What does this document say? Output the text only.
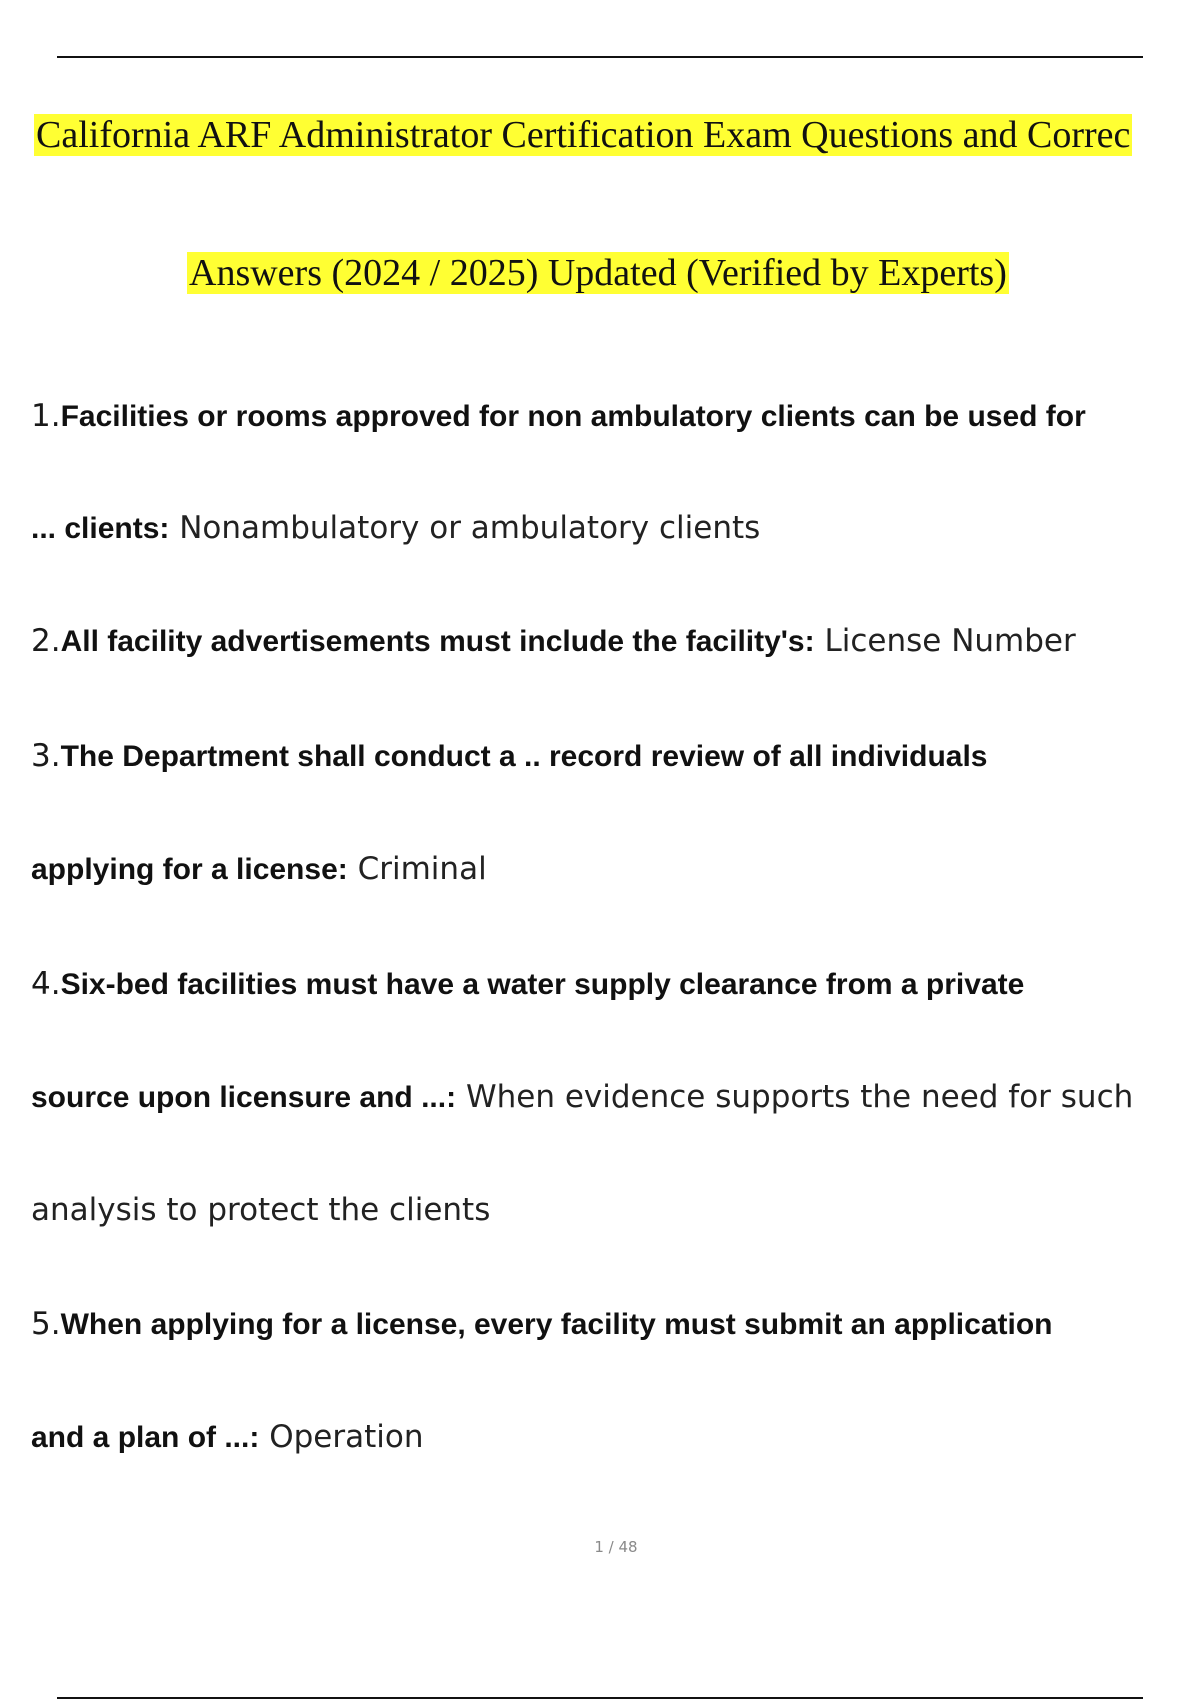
California ARF Administrator Certification Exam Questions and Correc
Answers (2024 / 2025) Updated (Verified by Experts)
1.Facilities or rooms approved for non ambulatory clients can be used for
... clients: Nonambulatory or ambulatory clients
2.All facility advertisements must include the facility's: License Number
3.The Department shall conduct a .. record review of all individuals
applying for a license: Criminal
4.Six-bed facilities must have a water supply clearance from a private
source upon licensure and ...: When evidence supports the need for such
analysis to protect the clients
5.When applying for a license, every facility must submit an application
and a plan of ...: Operation
1 / 48
